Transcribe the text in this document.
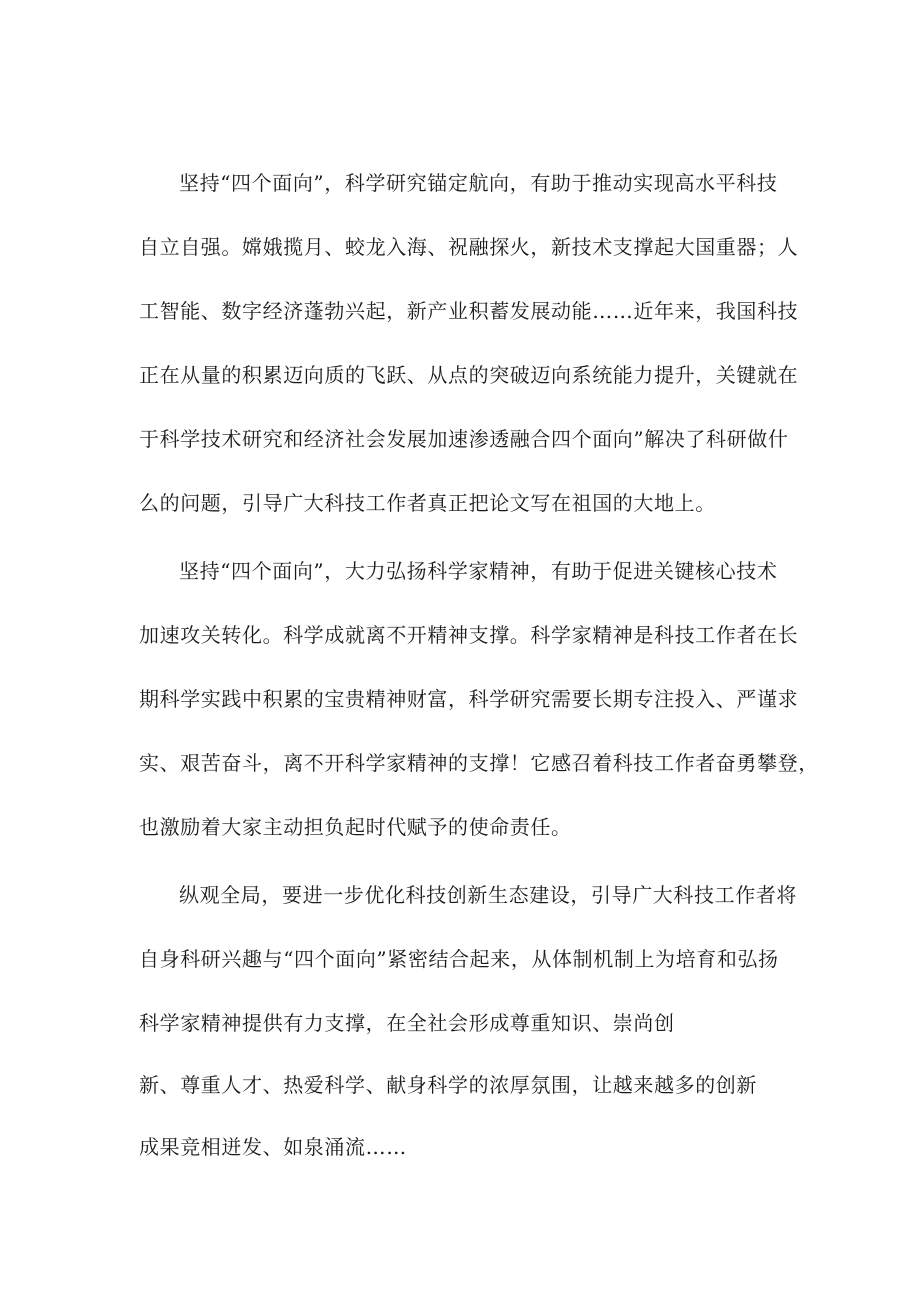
坚持“四个面向”，科学研究锚定航向，有助于推动实现高水平科技
自立自强。嫦娥揽月、蛟龙入海、祝融探火，新技术支撑起大国重器；人
工智能、数字经济蓬勃兴起，新产业积蓄发展动能……近年来，我国科技
正在从量的积累迈向质的飞跃、从点的突破迈向系统能力提升，关键就在
于科学技术研究和经济社会发展加速渗透融合四个面向”解决了科研做什
么的问题，引导广大科技工作者真正把论文写在祖国的大地上。
坚持“四个面向”，大力弘扬科学家精神，有助于促进关键核心技术
加速攻关转化。科学成就离不开精神支撑。科学家精神是科技工作者在长
期科学实践中积累的宝贵精神财富，科学研究需要长期专注投入、严谨求
实、艰苦奋斗，离不开科学家精神的支撑！它感召着科技工作者奋勇攀登，
也激励着大家主动担负起时代赋予的使命责任。
纵观全局，要进一步优化科技创新生态建设，引导广大科技工作者将
自身科研兴趣与“四个面向”紧密结合起来，从体制机制上为培育和弘扬
科学家精神提供有力支撑，在全社会形成尊重知识、崇尚创
新、尊重人才、热爱科学、献身科学的浓厚氛围，让越来越多的创新
成果竞相迸发、如泉涌流……
